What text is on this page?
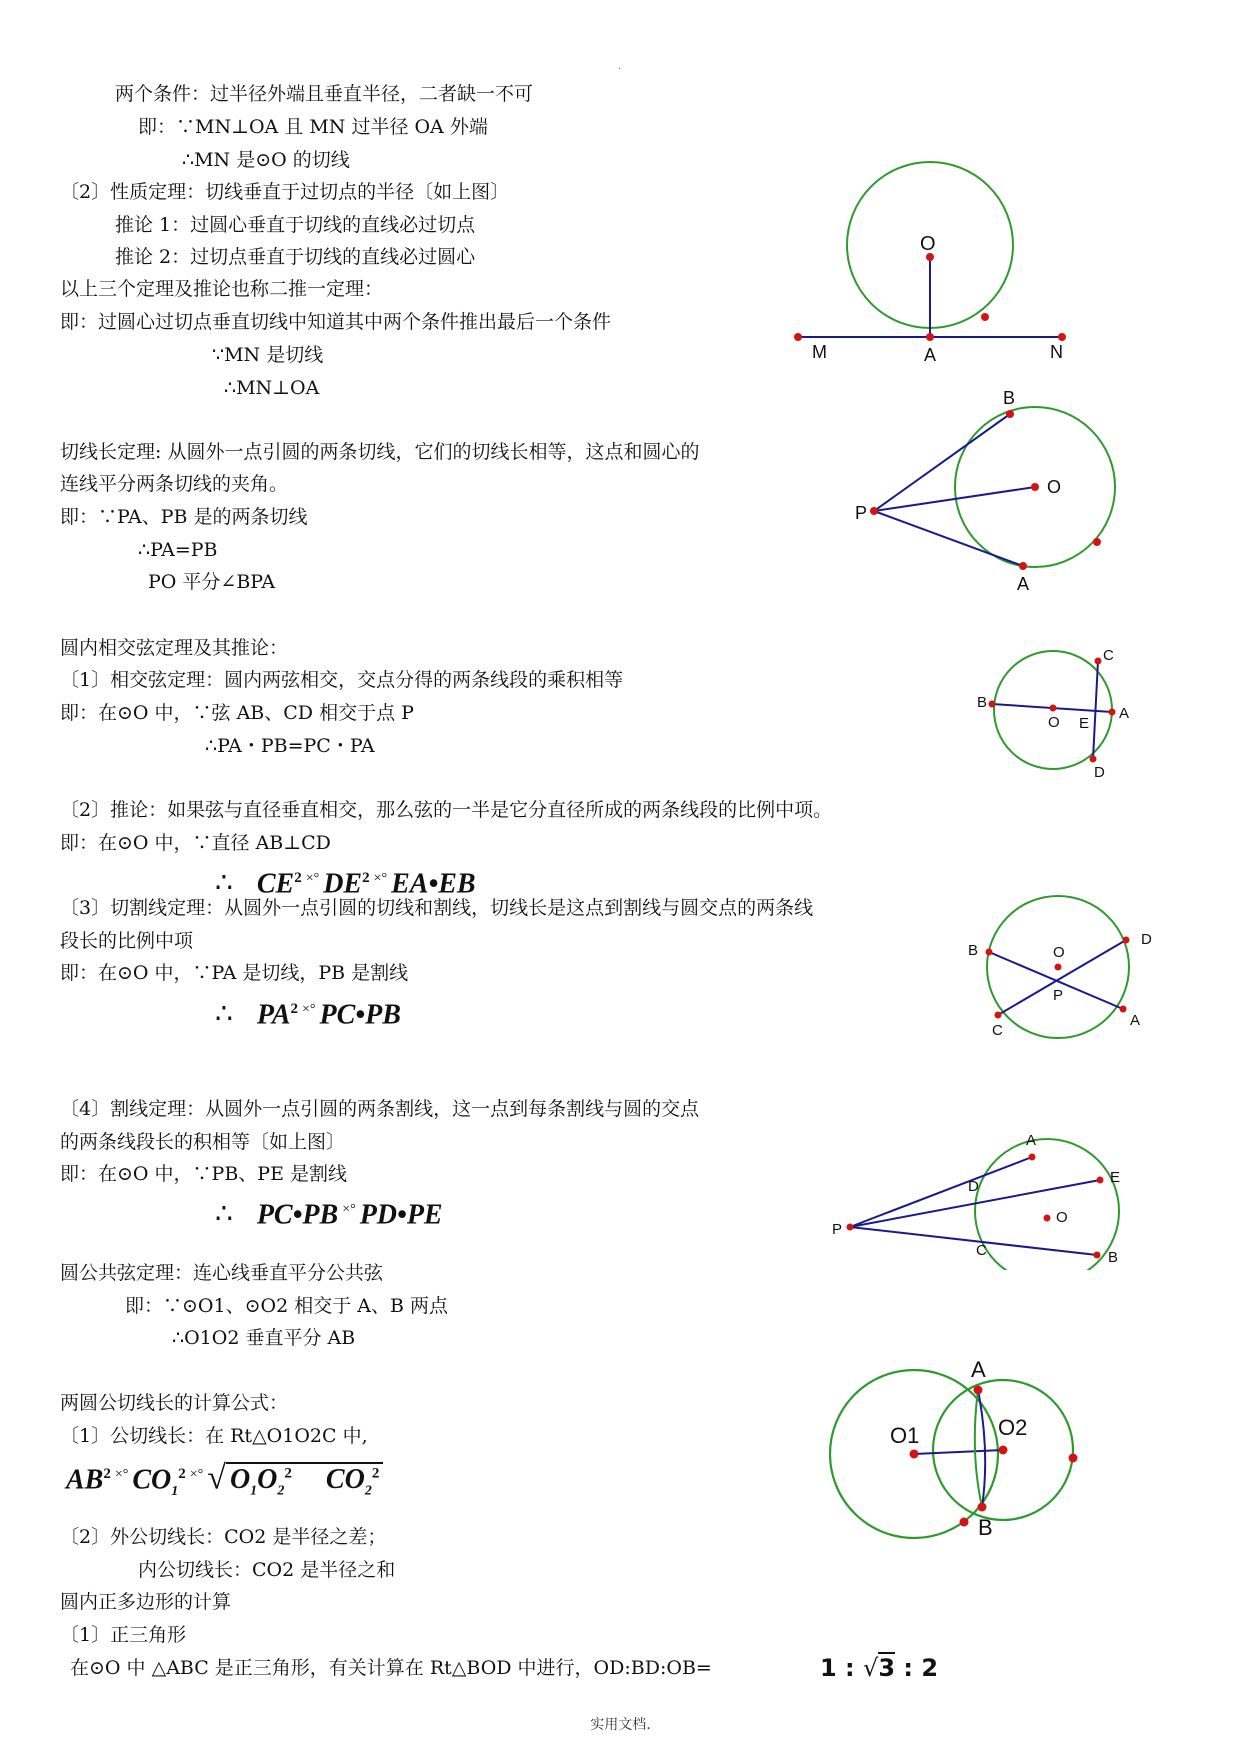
·
两个条件：过半径外端且垂直半径，二者缺一不可
即：∵MN⊥OA 且 MN 过半径 OA 外端
∴MN 是⊙O 的切线
〔2〕性质定理：切线垂直于过切点的半径〔如上图〕
推论 1：过圆心垂直于切线的直线必过切点
推论 2：过切点垂直于切线的直线必过圆心
以上三个定理及推论也称二推一定理：
即：过圆心过切点垂直切线中知道其中两个条件推出最后一个条件
∵MN 是切线
∴MN⊥OA
切线长定理: 从圆外一点引圆的两条切线，它们的切线长相等，这点和圆心的
连线平分两条切线的夹角。
即：∵PA、PB 是的两条切线
∴PA=PB
PO 平分∠BPA
圆内相交弦定理及其推论：
〔1〕相交弦定理：圆内两弦相交，交点分得的两条线段的乘积相等
即：在⊙O 中，∵弦 AB、CD 相交于点 P
∴PA・PB=PC・PA
〔2〕推论：如果弦与直径垂直相交，那么弦的一半是它分直径所成的两条线段的比例中项。
即：在⊙O 中，∵直径 AB⊥CD
∴ $CE^2$ ×° $DE^2$ ×° EA•EB
〔3〕切割线定理：从圆外一点引圆的切线和割线，切线长是这点到割线与圆交点的两条线
段长的比例中项
即：在⊙O 中，∵PA 是切线，PB 是割线
∴ $PA^2$ ×° PC•PB
〔4〕割线定理：从圆外一点引圆的两条割线，这一点到每条割线与圆的交点
的两条线段长的积相等〔如上图〕
即：在⊙O 中，∵PB、PE 是割线
∴ PC•PB ×° PD•PE
圆公共弦定理：连心线垂直平分公共弦
即：∵⊙O1、⊙O2 相交于 A、B 两点
∴O1O2 垂直平分 AB
两圆公切线长的计算公式：
〔1〕公切线长：在 Rt△O1O2C 中,
$AB^2$ ×° $CO_1^2$ ×° √ $O_1O_2^2$ $CO_2^2$
〔2〕外公切线长：CO2 是半径之差；
内公切线长：CO2 是半径之和
圆内正多边形的计算
〔1〕正三角形
在⊙O 中 △ABC 是正三角形，有关计算在 Rt△BOD 中进行，OD:BD:OB=	1 : √3 : 2
O
M	A	N
B
O
P
A
C
B
O E
A
D
D
B	O
P
C
A
A
E
D
P
O
C	B
A
O1	O2
B
实用文档.
